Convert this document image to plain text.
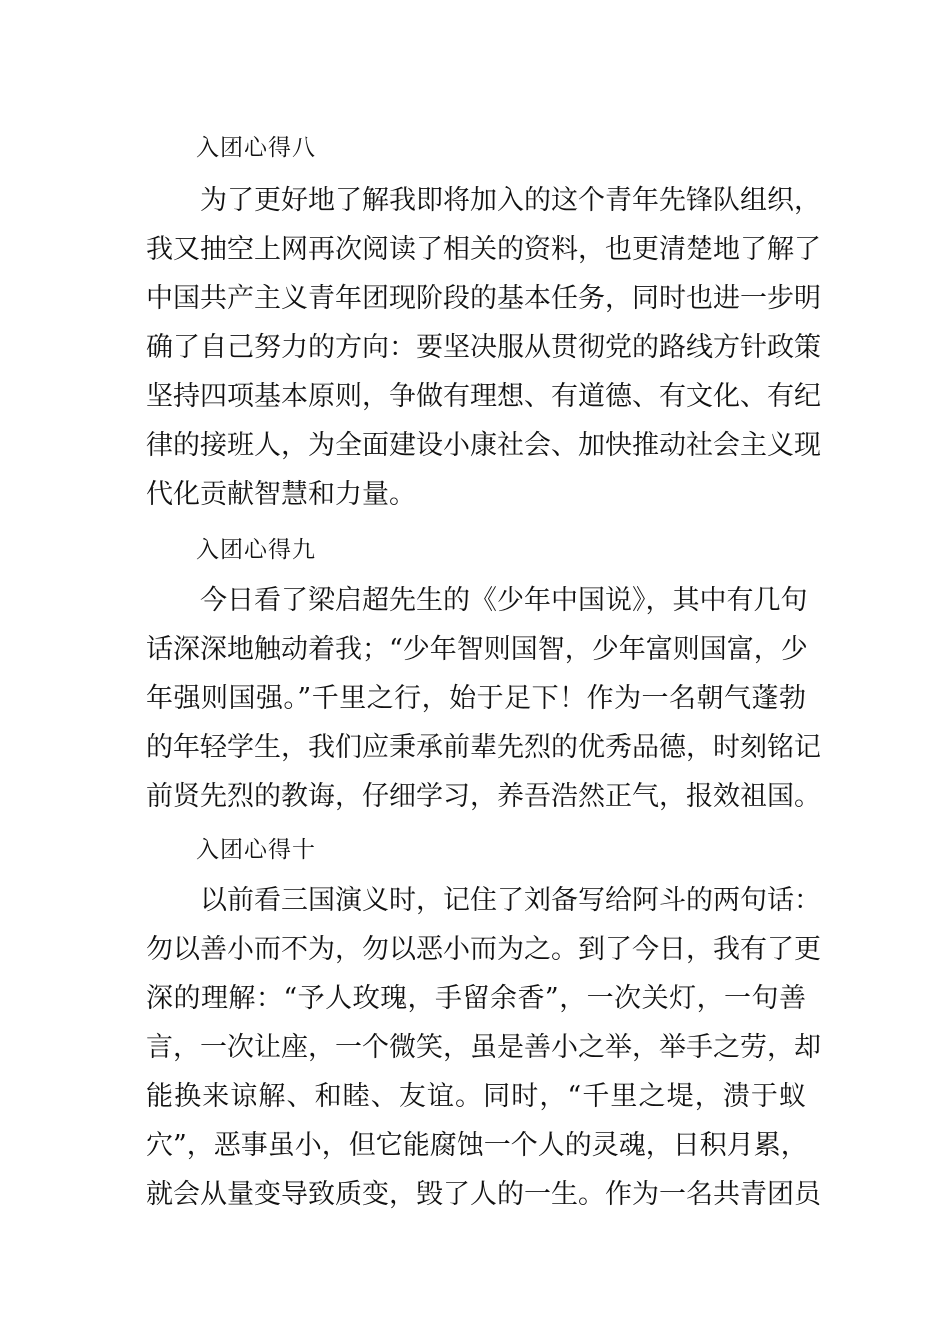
入团心得八
为了更好地了解我即将加入的这个青年先锋队组织，
我又抽空上网再次阅读了相关的资料，也更清楚地了解了
中国共产主义青年团现阶段的基本任务，同时也进一步明
确了自己努力的方向：要坚决服从贯彻党的路线方针政策
坚持四项基本原则，争做有理想、有道德、有文化、有纪
律的接班人，为全面建设小康社会、加快推动社会主义现
代化贡献智慧和力量。
入团心得九
今日看了梁启超先生的《少年中国说》，其中有几句
话深深地触动着我；“少年智则国智，少年富则国富，少
年强则国强。”千里之行，始于足下！作为一名朝气蓬勃
的年轻学生，我们应秉承前辈先烈的优秀品德，时刻铭记
前贤先烈的教诲，仔细学习，养吾浩然正气，报效祖国。
入团心得十
以前看三国演义时，记住了刘备写给阿斗的两句话：
勿以善小而不为，勿以恶小而为之。到了今日，我有了更
深的理解：“予人玫瑰，手留余香”，一次关灯，一句善
言，一次让座，一个微笑，虽是善小之举，举手之劳，却
能换来谅解、和睦、友谊。同时，“千里之堤，溃于蚁
穴”，恶事虽小，但它能腐蚀一个人的灵魂，日积月累，
就会从量变导致质变，毁了人的一生。作为一名共青团员
